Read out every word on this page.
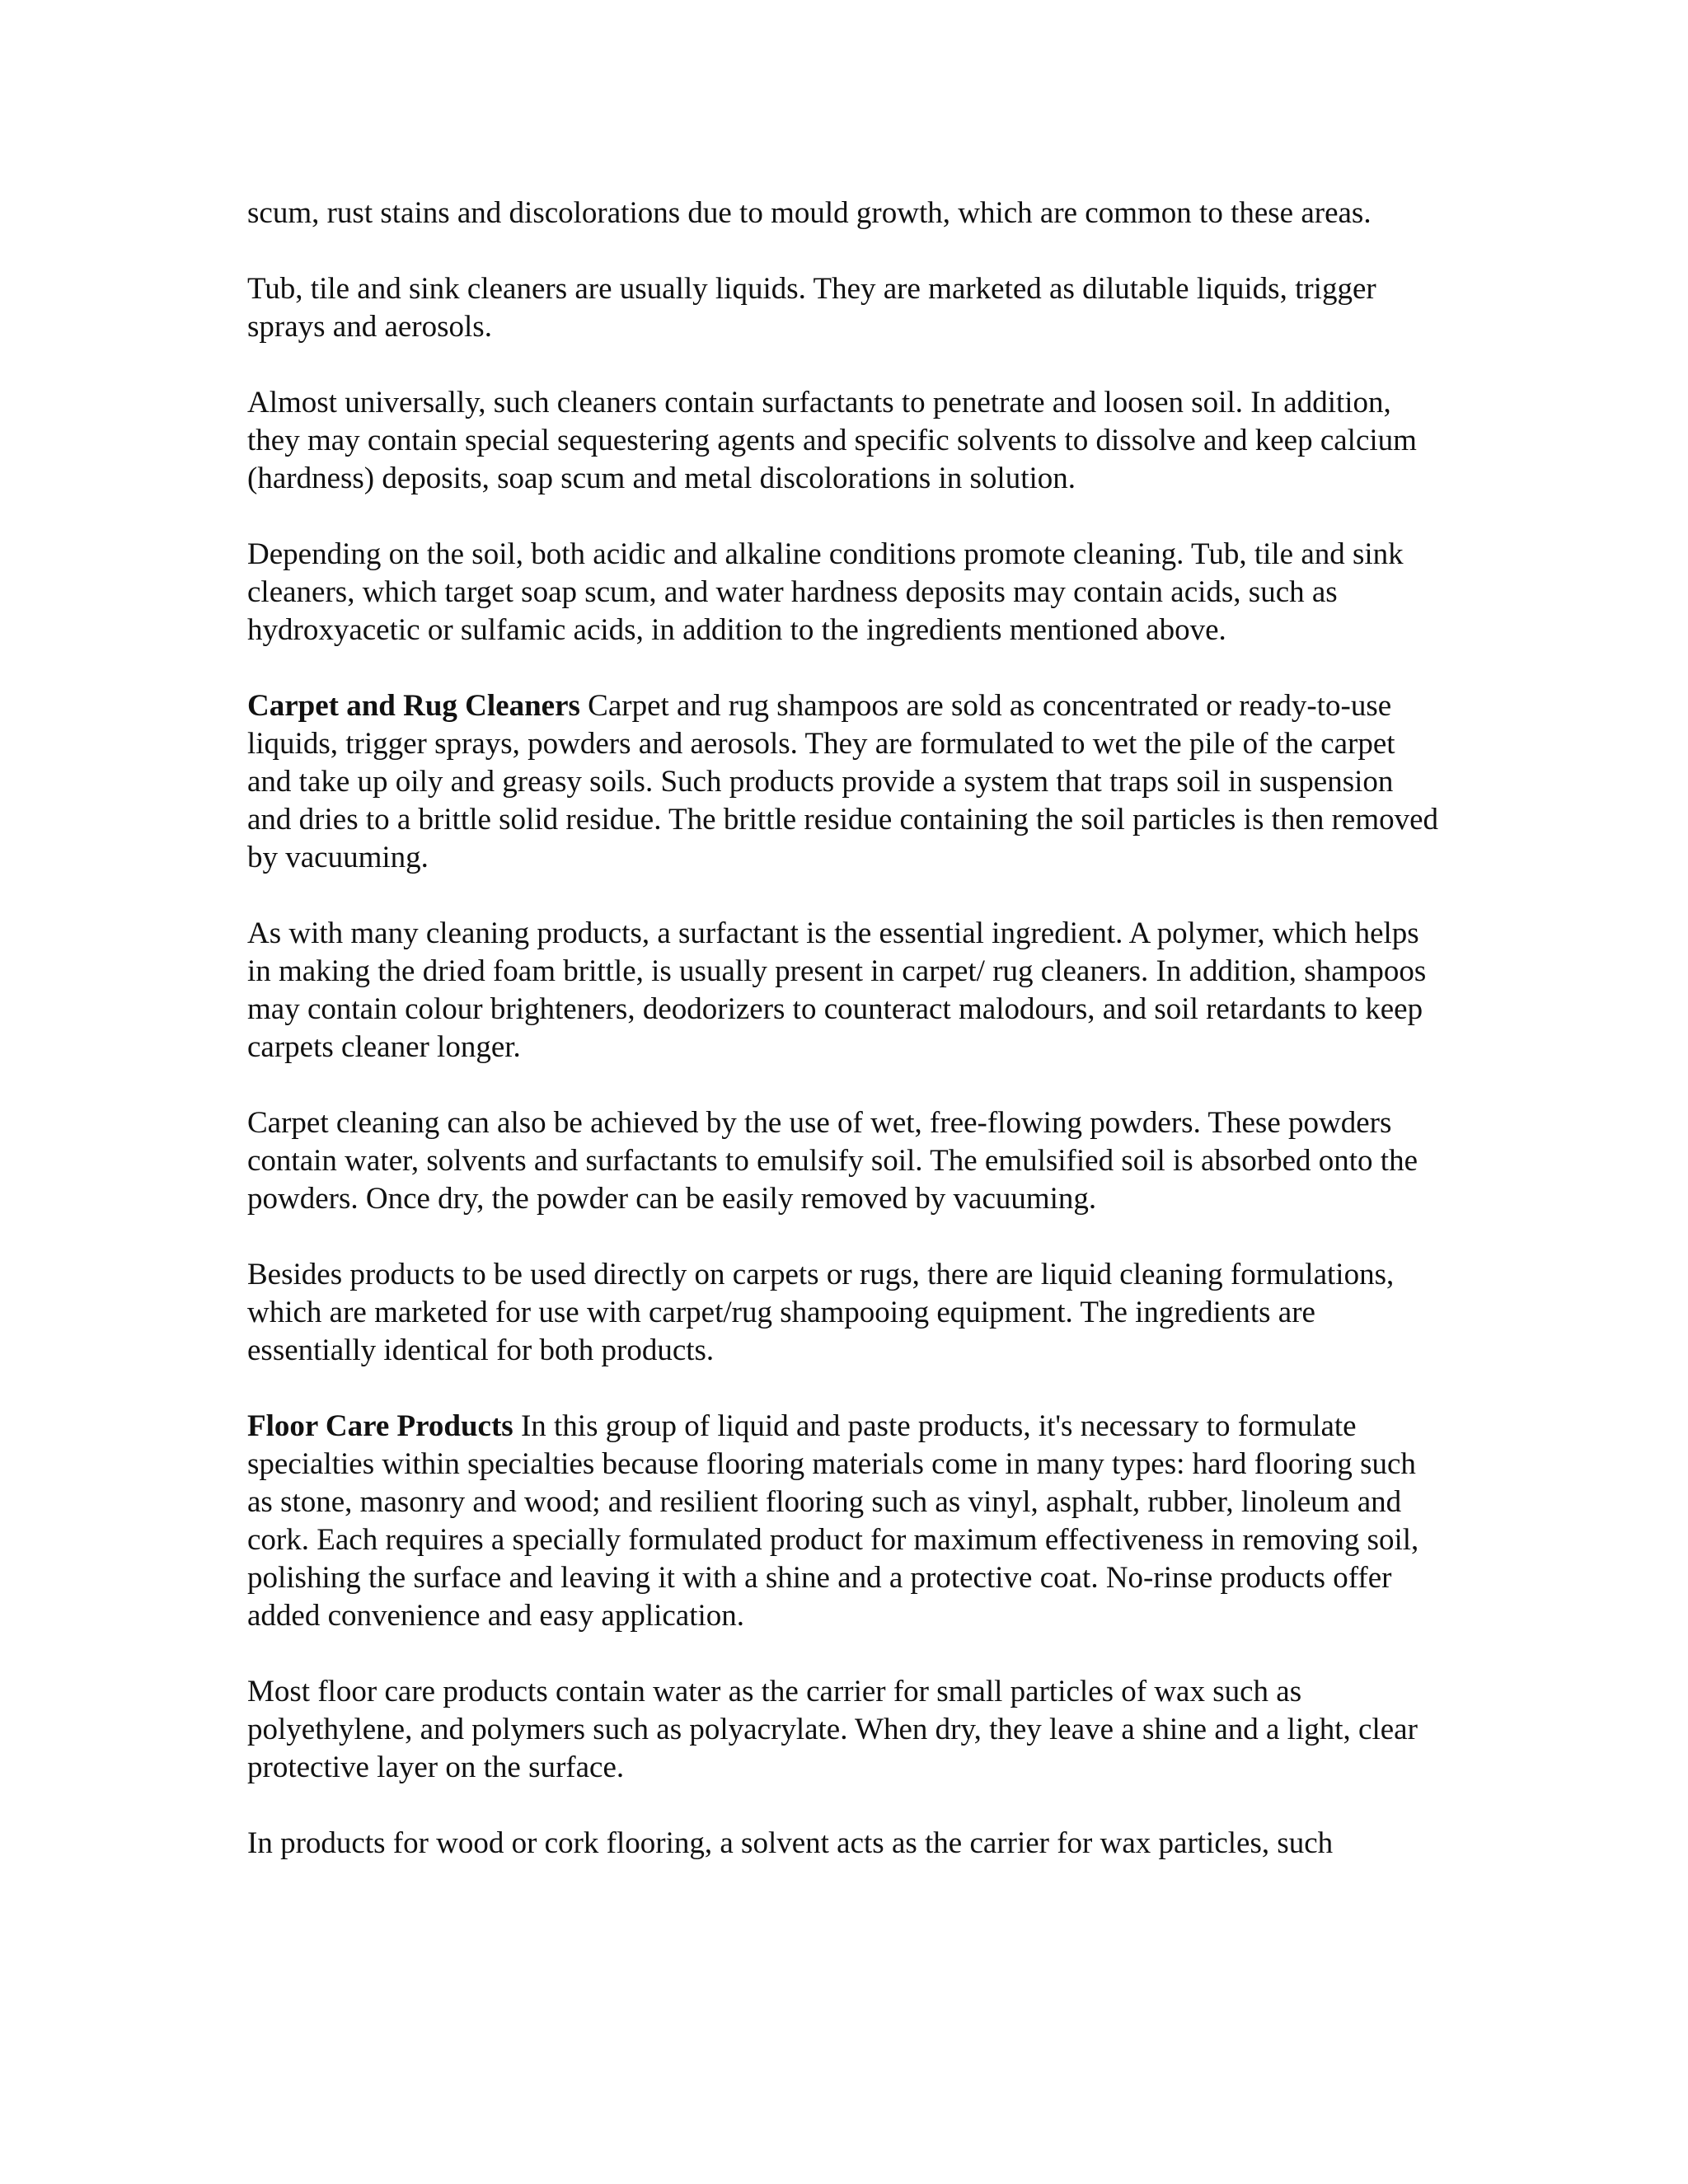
scum, rust stains and discolorations due to mould growth, which are common to these areas.

Tub, tile and sink cleaners are usually liquids. They are marketed as dilutable liquids, trigger sprays and aerosols.

Almost universally, such cleaners contain surfactants to penetrate and loosen soil. In addition, they may contain special sequestering agents and specific solvents to dissolve and keep calcium (hardness) deposits, soap scum and metal discolorations in solution.

Depending on the soil, both acidic and alkaline conditions promote cleaning. Tub, tile and sink cleaners, which target soap scum, and water hardness deposits may contain acids, such as hydroxyacetic or sulfamic acids, in addition to the ingredients mentioned above.

Carpet and Rug Cleaners Carpet and rug shampoos are sold as concentrated or ready-to-use liquids, trigger sprays, powders and aerosols. They are formulated to wet the pile of the carpet and take up oily and greasy soils. Such products provide a system that traps soil in suspension and dries to a brittle solid residue. The brittle residue containing the soil particles is then removed by vacuuming.

As with many cleaning products, a surfactant is the essential ingredient. A polymer, which helps in making the dried foam brittle, is usually present in carpet/ rug cleaners. In addition, shampoos may contain colour brighteners, deodorizers to counteract malodours, and soil retardants to keep carpets cleaner longer.

Carpet cleaning can also be achieved by the use of wet, free-flowing powders. These powders contain water, solvents and surfactants to emulsify soil. The emulsified soil is absorbed onto the powders. Once dry, the powder can be easily removed by vacuuming.

Besides products to be used directly on carpets or rugs, there are liquid cleaning formulations, which are marketed for use with carpet/rug shampooing equipment. The ingredients are essentially identical for both products.

Floor Care Products In this group of liquid and paste products, it's necessary to formulate specialties within specialties because flooring materials come in many types: hard flooring such as stone, masonry and wood; and resilient flooring such as vinyl, asphalt, rubber, linoleum and cork. Each requires a specially formulated product for maximum effectiveness in removing soil, polishing the surface and leaving it with a shine and a protective coat. No-rinse products offer added convenience and easy application.

Most floor care products contain water as the carrier for small particles of wax such as polyethylene, and polymers such as polyacrylate. When dry, they leave a shine and a light, clear protective layer on the surface.

In products for wood or cork flooring, a solvent acts as the carrier for wax particles, such
